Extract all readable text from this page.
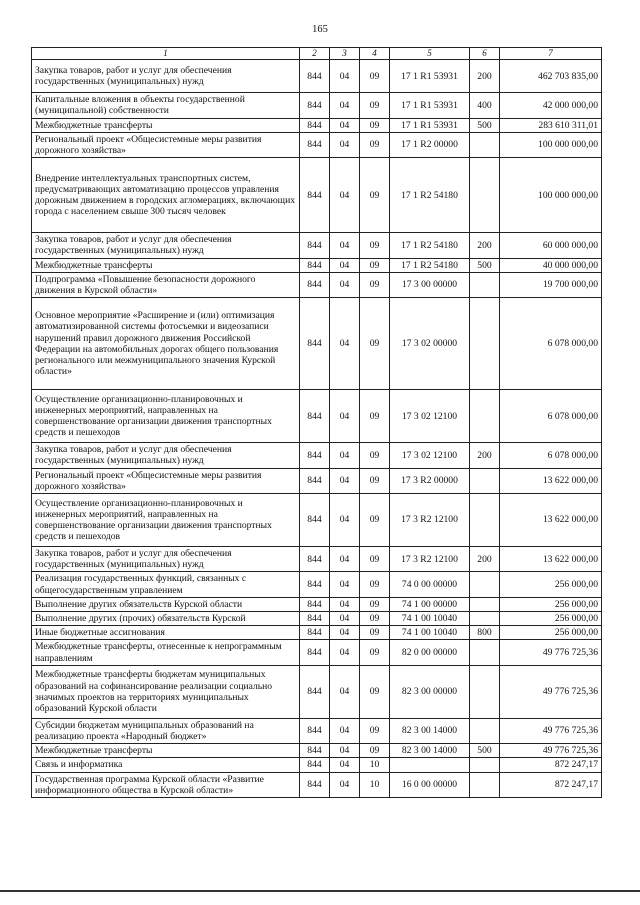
165
1	2	3	4	5	6	7
Закупка товаров, работ и услуг для обеспечения государственных (муниципальных) нужд	844	04	09	17 1 R1 53931	200	462 703 835,00
Капитальные вложения в объекты государственной (муниципальной) собственности	844	04	09	17 1 R1 53931	400	42 000 000,00
Межбюджетные трансферты	844	04	09	17 1 R1 53931	500	283 610 311,01
Региональный проект «Общесистемные меры развития дорожного хозяйства»	844	04	09	17 1 R2 00000		100 000 000,00
Внедрение интеллектуальных транспортных систем, предусматривающих автоматизацию процессов управления дорожным движением в городских агломерациях, включающих города с населением свыше 300 тысяч человек	844	04	09	17 1 R2 54180		100 000 000,00
Закупка товаров, работ и услуг для обеспечения государственных (муниципальных) нужд	844	04	09	17 1 R2 54180	200	60 000 000,00
Межбюджетные трансферты	844	04	09	17 1 R2 54180	500	40 000 000,00
Подпрограмма «Повышение безопасности дорожного движения в Курской области»	844	04	09	17 3 00 00000		19 700 000,00
Основное мероприятие «Расширение и (или) оптимизация автоматизированной системы фотосъемки и видеозаписи нарушений правил дорожного движения Российской Федерации на автомобильных дорогах общего пользования регионального или межмуниципального значения Курской области»	844	04	09	17 3 02 00000		6 078 000,00
Осуществление организационно-планировочных и инженерных мероприятий, направленных на совершенствование организации движения транспортных средств и пешеходов	844	04	09	17 3 02 12100		6 078 000,00
Закупка товаров, работ и услуг для обеспечения государственных (муниципальных) нужд	844	04	09	17 3 02 12100	200	6 078 000,00
Региональный проект «Общесистемные меры развития дорожного хозяйства»	844	04	09	17 3 R2 00000		13 622 000,00
Осуществление организационно-планировочных и инженерных мероприятий, направленных на совершенствование организации движения транспортных средств и пешеходов	844	04	09	17 3 R2 12100		13 622 000,00
Закупка товаров, работ и услуг для обеспечения государственных (муниципальных) нужд	844	04	09	17 3 R2 12100	200	13 622 000,00
Реализация государственных функций, связанных с общегосударственным управлением	844	04	09	74 0 00 00000		256 000,00
Выполнение других обязательств Курской области	844	04	09	74 1 00 00000		256 000,00
Выполнение других (прочих) обязательств Курской	844	04	09	74 1 00 10040		256 000,00
Иные бюджетные ассигнования	844	04	09	74 1 00 10040	800	256 000,00
Межбюджетные трансферты, отнесенные к непрограммным направлениям	844	04	09	82 0 00 00000		49 776 725,36
Межбюджетные трансферты бюджетам муниципальных образований на софинансирование реализации социально значимых проектов на территориях муниципальных образований Курской области	844	04	09	82 3 00 00000		49 776 725,36
Субсидии бюджетам муниципальных образований на реализацию проекта «Народный бюджет»	844	04	09	82 3 00 14000		49 776 725,36
Межбюджетные трансферты	844	04	09	82 3 00 14000	500	49 776 725,36
Связь и информатика	844	04	10			872 247,17
Государственная программа Курской области «Развитие информационного общества в Курской области»	844	04	10	16 0 00 00000		872 247,17
